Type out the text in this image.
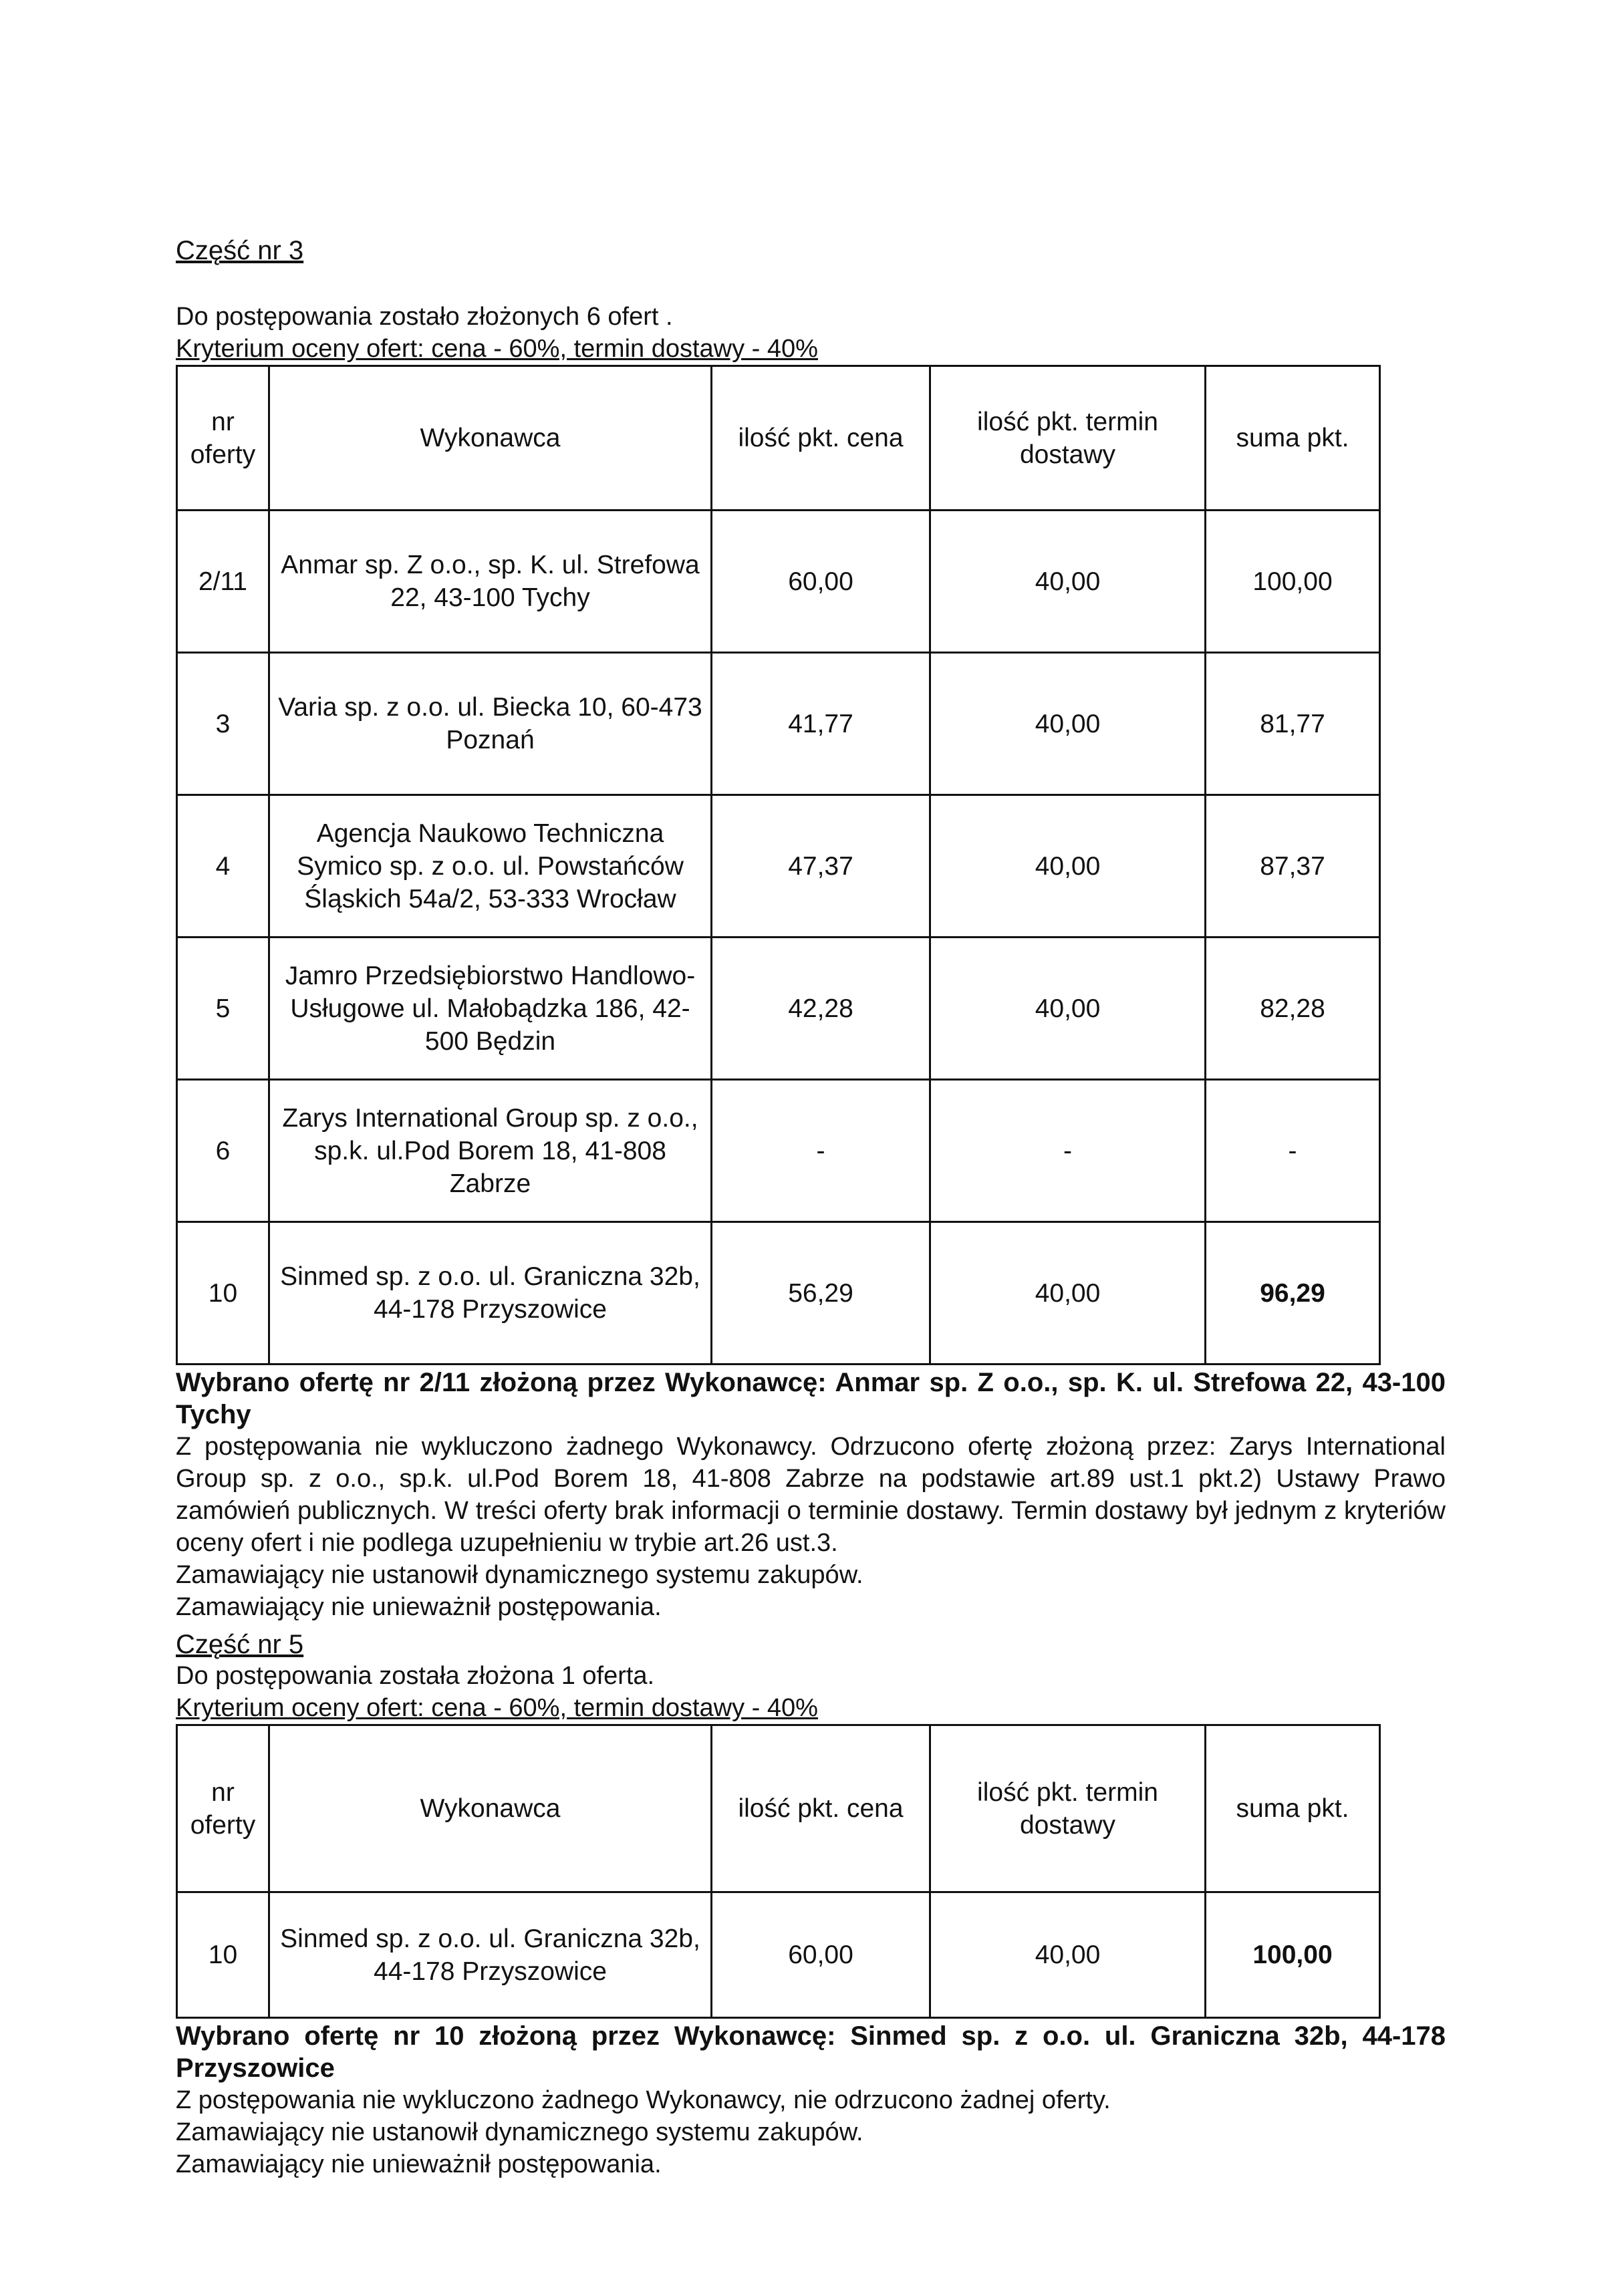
Część nr 3

Do postępowania zostało złożonych 6 ofert .

Kryterium oceny ofert: cena - 60%, termin dostawy - 40%

nr oferty	Wykonawca	ilość pkt. cena	ilość pkt. termin dostawy	suma pkt.
2/11	Anmar sp. Z o.o., sp. K. ul. Strefowa 22, 43-100 Tychy	60,00	40,00	100,00
3	Varia sp. z o.o. ul. Biecka 10, 60-473 Poznań	41,77	40,00	81,77
4	Agencja Naukowo Techniczna Symico sp. z o.o. ul. Powstańców Śląskich 54a/2, 53-333 Wrocław	47,37	40,00	87,37
5	Jamro Przedsiębiorstwo Handlowo-Usługowe ul. Małobądzka 186, 42-500 Będzin	42,28	40,00	82,28
6	Zarys International Group sp. z o.o., sp.k. ul.Pod Borem 18, 41-808 Zabrze	-	-	-
10	Sinmed sp. z o.o. ul. Graniczna 32b, 44-178 Przyszowice	56,29	40,00	96,29

Wybrano ofertę nr 2/11 złożoną przez Wykonawcę: Anmar sp. Z o.o., sp. K. ul. Strefowa 22, 43-100 Tychy

Z postępowania nie wykluczono żadnego Wykonawcy. Odrzucono ofertę złożoną przez: Zarys International Group sp. z o.o., sp.k. ul.Pod Borem 18, 41-808 Zabrze na podstawie art.89 ust.1 pkt.2) Ustawy Prawo zamówień publicznych. W treści oferty brak informacji o terminie dostawy. Termin dostawy był jednym z kryteriów oceny ofert i nie podlega uzupełnieniu w trybie art.26 ust.3.

Zamawiający nie ustanowił dynamicznego systemu zakupów.

Zamawiający nie unieważnił postępowania.

Część nr 5

Do postępowania została złożona 1 oferta.

Kryterium oceny ofert: cena - 60%, termin dostawy - 40%

nr oferty	Wykonawca	ilość pkt. cena	ilość pkt. termin dostawy	suma pkt.
10	Sinmed sp. z o.o. ul. Graniczna 32b, 44-178 Przyszowice	60,00	40,00	100,00

Wybrano ofertę nr 10 złożoną przez Wykonawcę: Sinmed sp. z o.o. ul. Graniczna 32b, 44-178 Przyszowice

Z postępowania nie wykluczono żadnego Wykonawcy, nie odrzucono żadnej oferty.

Zamawiający nie ustanowił dynamicznego systemu zakupów.

Zamawiający nie unieważnił postępowania.
